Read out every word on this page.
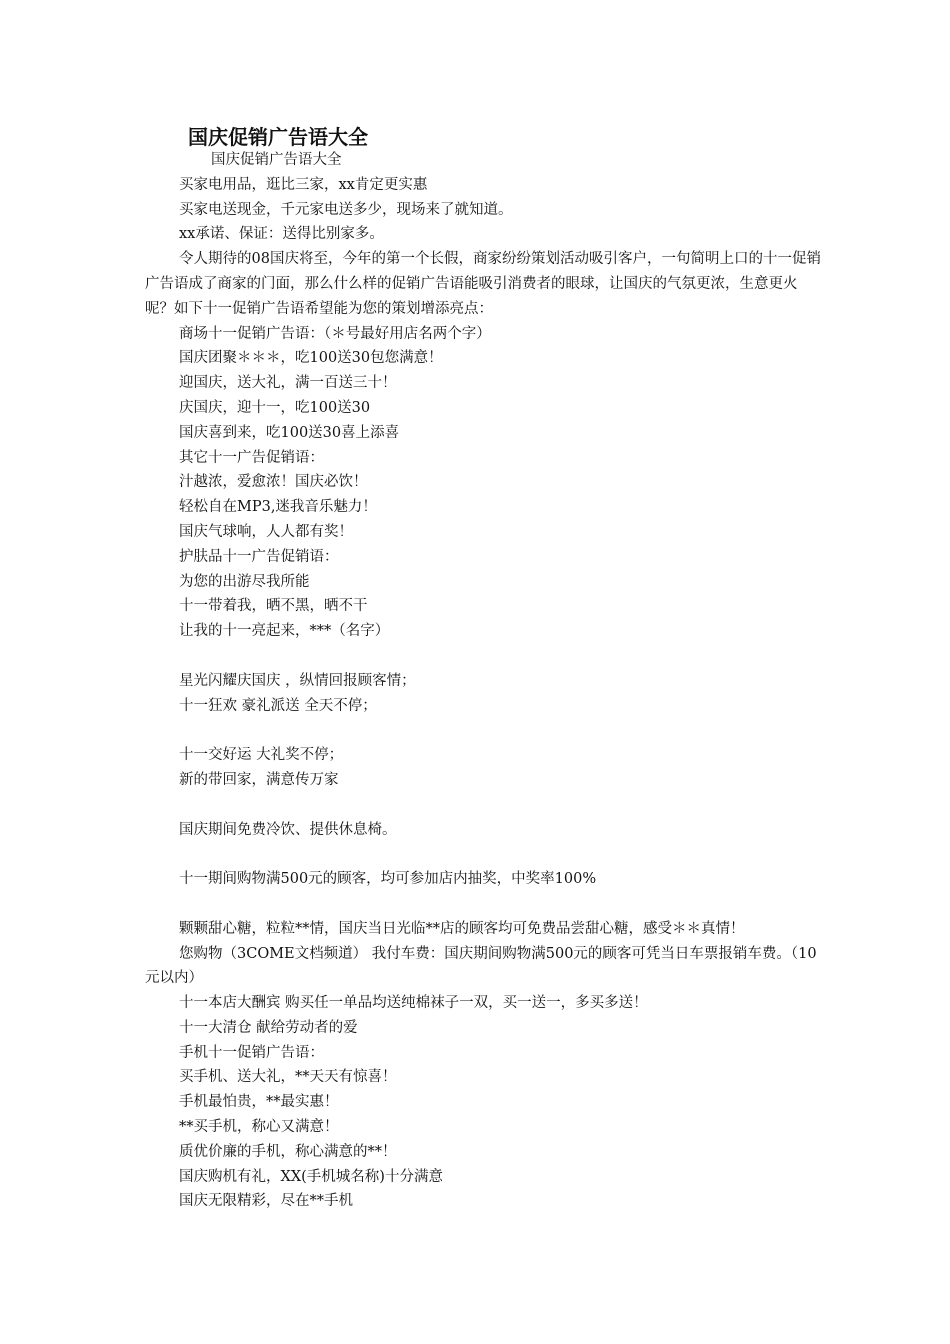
国庆促销广告语大全

国庆促销广告语大全

买家电用品，逛比三家，xx肯定更实惠

买家电送现金，千元家电送多少，现场来了就知道。

xx承诺、保证：送得比别家多。

令人期待的08国庆将至，今年的第一个长假，商家纷纷策划活动吸引客户，一句简明上口的十一促销广告语成了商家的门面，那么什么样的促销广告语能吸引消费者的眼球，让国庆的气氛更浓，生意更火呢？如下十一促销广告语希望能为您的策划增添亮点：

商场十一促销广告语：（＊号最好用店名两个字）

国庆团聚＊＊＊，吃100送30包您满意！

迎国庆，送大礼，满一百送三十！

庆国庆，迎十一，吃100送30

国庆喜到来，吃100送30喜上添喜

其它十一广告促销语：

汁越浓，爱愈浓！国庆必饮！

轻松自在MP3,迷我音乐魅力！

国庆气球响，人人都有奖！

护肤品十一广告促销语：

为您的出游尽我所能

十一带着我，晒不黑，晒不干

让我的十一亮起来，***（名字）

星光闪耀庆国庆 ，纵情回报顾客情；

十一狂欢 豪礼派送 全天不停；

十一交好运 大礼奖不停；

新的带回家，满意传万家

国庆期间免费冷饮、提供休息椅。

十一期间购物满500元的顾客，均可参加店内抽奖，中奖率100%

颗颗甜心糖，粒粒**情，国庆当日光临**店的顾客均可免费品尝甜心糖，感受＊＊真情！

您购物（3COME文档频道） 我付车费：国庆期间购物满500元的顾客可凭当日车票报销车费。（10元以内）

十一本店大酬宾 购买任一单品均送纯棉袜子一双，买一送一，多买多送！

十一大清仓 献给劳动者的爱

手机十一促销广告语：

买手机、送大礼，**天天有惊喜！

手机最怕贵，**最实惠！

**买手机，称心又满意！

质优价廉的手机，称心满意的**！

国庆购机有礼，XX(手机城名称)十分满意

国庆无限精彩，尽在**手机
